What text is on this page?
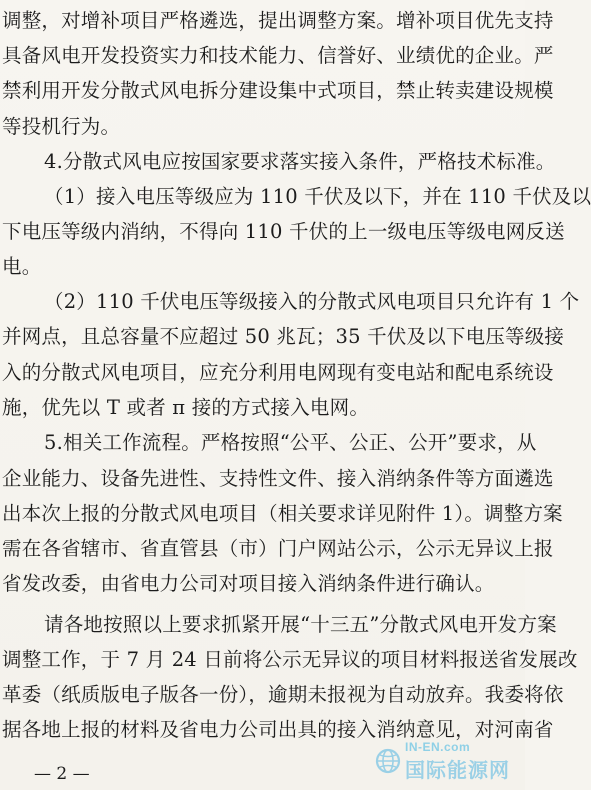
调整，对增补项目严格遴选，提出调整方案。增补项目优先支持
具备风电开发投资实力和技术能力、信誉好、业绩优的企业。严
禁利用开发分散式风电拆分建设集中式项目，禁止转卖建设规模
等投机行为。
4.分散式风电应按国家要求落实接入条件，严格技术标准。
（1）接入电压等级应为 110 千伏及以下，并在 110 千伏及以
下电压等级内消纳，不得向 110 千伏的上一级电压等级电网反送
电。
（2）110 千伏电压等级接入的分散式风电项目只允许有 1 个
并网点，且总容量不应超过 50 兆瓦；35 千伏及以下电压等级接
入的分散式风电项目，应充分利用电网现有变电站和配电系统设
施，优先以 T 或者 π 接的方式接入电网。
5.相关工作流程。严格按照“公平、公正、公开”要求，从
企业能力、设备先进性、支持性文件、接入消纳条件等方面遴选
出本次上报的分散式风电项目（相关要求详见附件 1）。调整方案
需在各省辖市、省直管县（市）门户网站公示，公示无异议上报
省发改委，由省电力公司对项目接入消纳条件进行确认。
请各地按照以上要求抓紧开展“十三五”分散式风电开发方案
调整工作，于 7 月 24 日前将公示无异议的项目材料报送省发展改
革委（纸质版电子版各一份），逾期未报视为自动放弃。我委将依
据各地上报的材料及省电力公司出具的接入消纳意见，对河南省
— 2 —
IN-EN.com
国际能源网
